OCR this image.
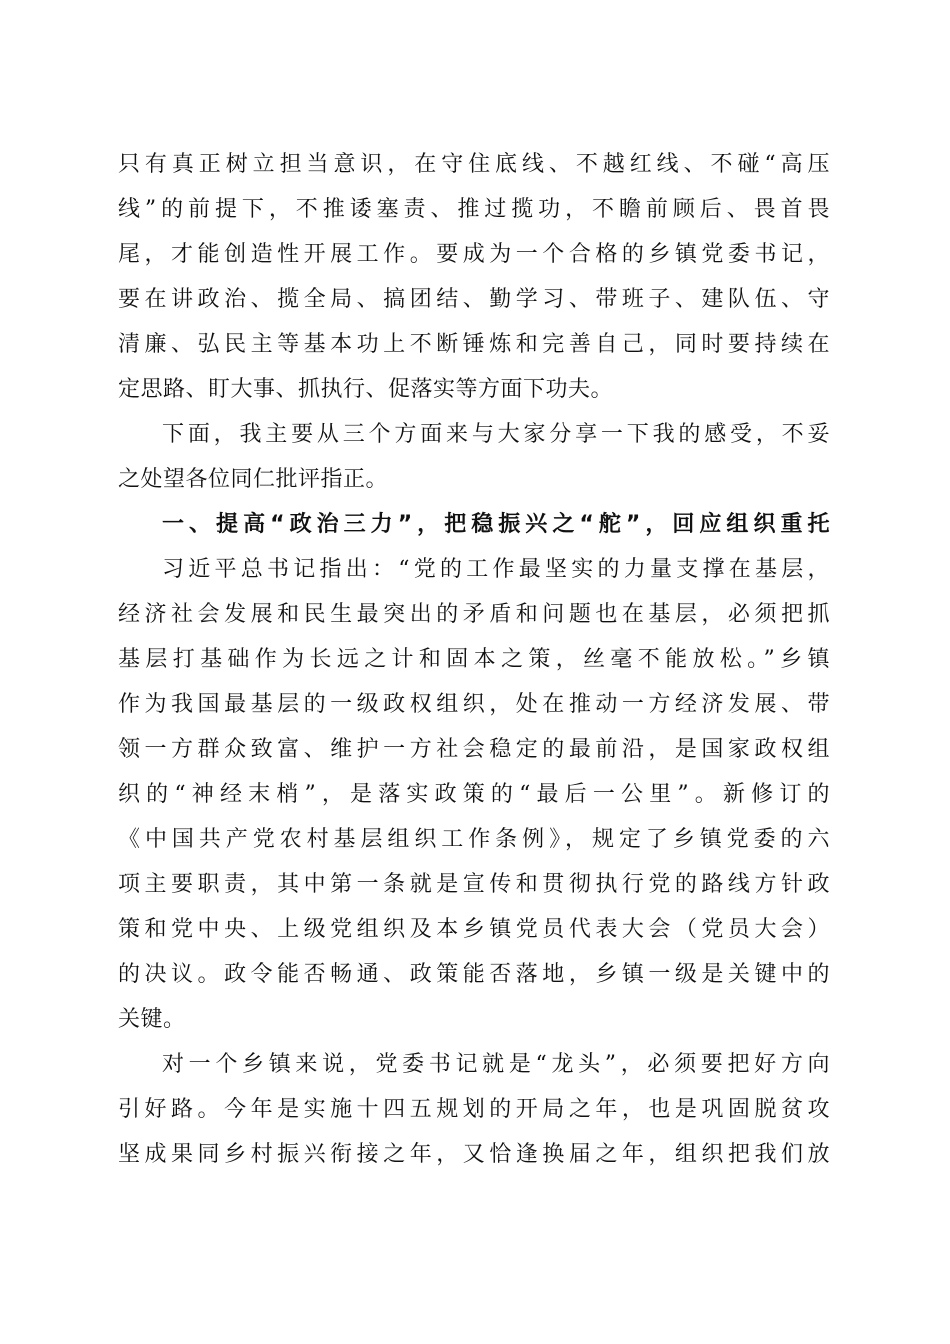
只有真正树立担当意识，在守住底线、不越红线、不碰“高压
线”的前提下，不推诿塞责、推过揽功，不瞻前顾后、畏首畏
尾，才能创造性开展工作。要成为一个合格的乡镇党委书记，
要在讲政治、揽全局、搞团结、勤学习、带班子、建队伍、守
清廉、弘民主等基本功上不断锤炼和完善自己，同时要持续在
定思路、盯大事、抓执行、促落实等方面下功夫。
下面，我主要从三个方面来与大家分享一下我的感受，不妥
之处望各位同仁批评指正。
一、提高“政治三力”，把稳振兴之“舵”，回应组织重托
习近平总书记指出：“党的工作最坚实的力量支撑在基层，
经济社会发展和民生最突出的矛盾和问题也在基层，必须把抓
基层打基础作为长远之计和固本之策，丝毫不能放松。”乡镇
作为我国最基层的一级政权组织，处在推动一方经济发展、带
领一方群众致富、维护一方社会稳定的最前沿，是国家政权组
织的“神经末梢”，是落实政策的“最后一公里”。新修订的
《中国共产党农村基层组织工作条例》，规定了乡镇党委的六
项主要职责，其中第一条就是宣传和贯彻执行党的路线方针政
策和党中央、上级党组织及本乡镇党员代表大会（党员大会）
的决议。政令能否畅通、政策能否落地，乡镇一级是关键中的
关键。
对一个乡镇来说，党委书记就是“龙头”，必须要把好方向
引好路。今年是实施十四五规划的开局之年，也是巩固脱贫攻
坚成果同乡村振兴衔接之年，又恰逢换届之年，组织把我们放
